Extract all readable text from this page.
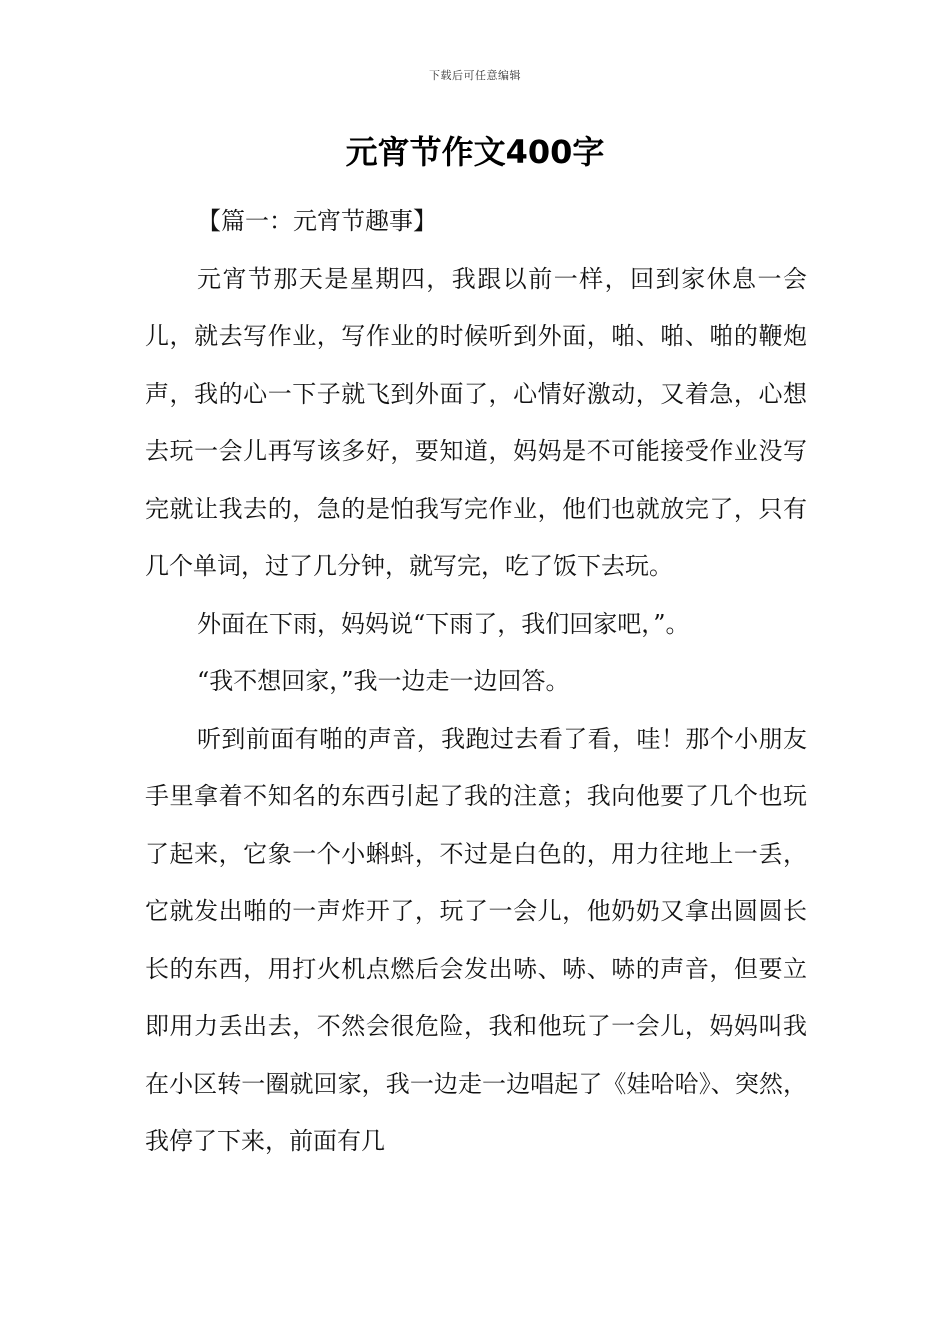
下载后可任意编辑
元宵节作文400字

【篇一：元宵节趣事】

元宵节那天是星期四，我跟以前一样，回到家休息一会儿，就去写作业，写作业的时候听到外面，啪、啪、啪的鞭炮声，我的心一下子就飞到外面了，心情好激动，又着急，心想去玩一会儿再写该多好，要知道，妈妈是不可能接受作业没写完就让我去的，急的是怕我写完作业，他们也就放完了，只有几个单词，过了几分钟，就写完，吃了饭下去玩。

外面在下雨，妈妈说“下雨了，我们回家吧，”。

“我不想回家，”我一边走一边回答。

听到前面有啪的声音，我跑过去看了看，哇！那个小朋友手里拿着不知名的东西引起了我的注意；我向他要了几个也玩了起来，它象一个小蝌蚪，不过是白色的，用力往地上一丢，它就发出啪的一声炸开了，玩了一会儿，他奶奶又拿出圆圆长长的东西，用打火机点燃后会发出哧、哧、哧的声音，但要立即用力丢出去，不然会很危险，我和他玩了一会儿，妈妈叫我在小区转一圈就回家，我一边走一边唱起了《娃哈哈》、突然，我停了下来，前面有几
